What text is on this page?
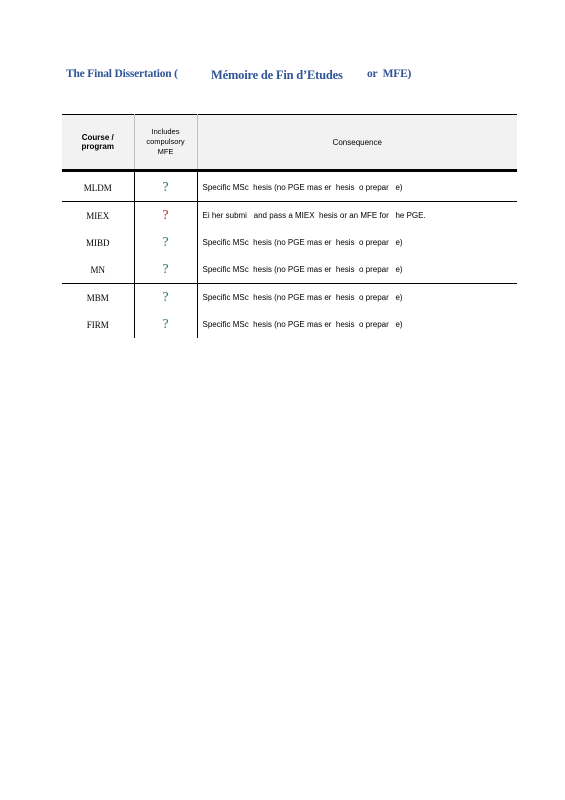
The Final Dissertation (

	Mémoire de Fin d’Etudes

or  MFE)

Course / program	Includes compulsory MFE	Consequence
MLDM	?	Specific MSc  hesis (no PGE mas er  hesis  o prepar   e)
MIEX	?	Ei her submi   and pass a MIEX  hesis or an MFE for   he PGE.
MIBD	?	Specific MSc  hesis (no PGE mas er  hesis  o prepar   e)
MN	?	Specific MSc  hesis (no PGE mas er  hesis  o prepar   e)
MBM	?	Specific MSc  hesis (no PGE mas er  hesis  o prepar   e)
FIRM	?	Specific MSc  hesis (no PGE mas er  hesis  o prepar   e)
